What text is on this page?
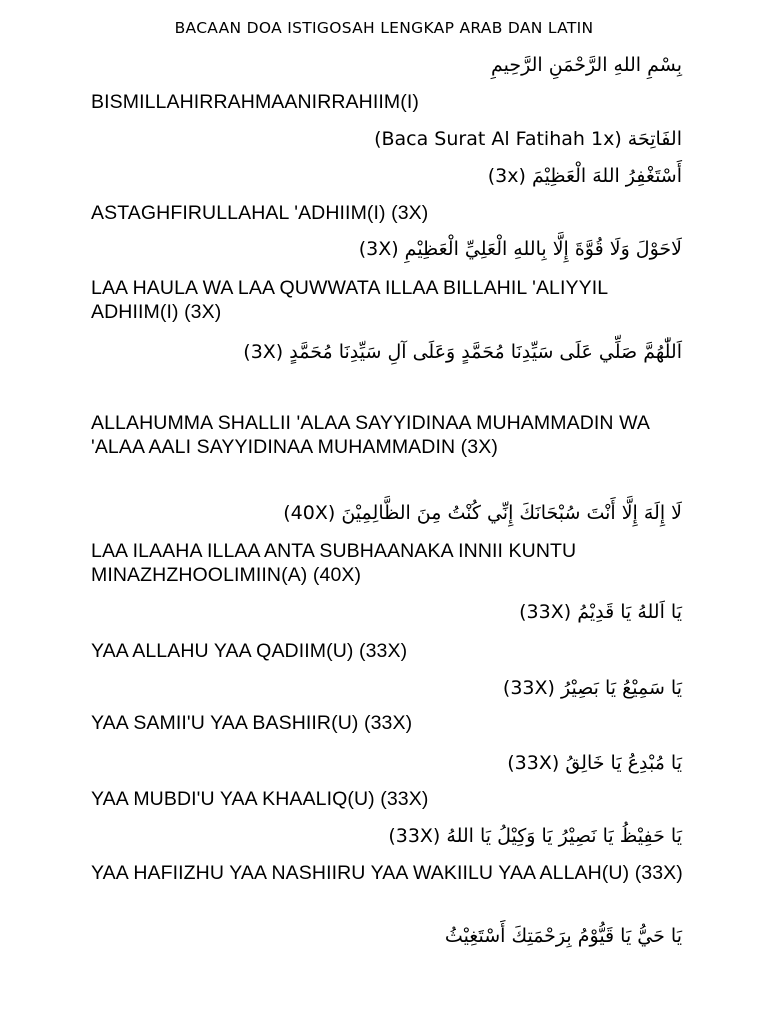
BACAAN DOA ISTIGOSAH LENGKAP ARAB DAN LATIN
بِسْمِ اللهِ الرَّحْمَنِ الرَّحِيمِ
BISMILLAHIRRAHMAANIRRAHIIM(I)
الفَاتِحَة (Baca Surat Al Fatihah 1x)
أَسْتَغْفِرُ اللهَ الْعَظِيْمَ (3x)
ASTAGHFIRULLAHAL 'ADHIIM(I) (3X)
لَاحَوْلَ وَلَا قُوَّةَ إِلَّا بِاللهِ الْعَلِيِّ الْعَظِيْمِ (3X)
LAA HAULA WA LAA QUWWATA ILLAA BILLAHIL 'ALIYYIL ADHIIM(I) (3X)
اَللّٰهُمَّ صَلِّي عَلَى سَيِّدِنَا مُحَمَّدٍ وَعَلَى آلِ سَيِّدِنَا مُحَمَّدٍ (3X)
ALLAHUMMA SHALLII 'ALAA SAYYIDINAA MUHAMMADIN WA 'ALAA AALI SAYYIDINAA MUHAMMADIN (3X)
لَا إِلَهَ إِلَّا أَنْتَ سُبْحَانَكَ إِنِّي كُنْتُ مِنَ الظَّالِمِيْنَ (40X)
LAA ILAAHA ILLAA ANTA SUBHAANAKA INNII KUNTU MINAZHZHOOLIMIIN(A) (40X)
يَا اَللهُ يَا قَدِيْمُ (33X)
YAA ALLAHU YAA QADIIM(U) (33X)
يَا سَمِيْعُ يَا بَصِيْرُ (33X)
YAA SAMII'U YAA BASHIIR(U) (33X)
يَا مُبْدِعُ يَا خَالِقُ (33X)
YAA MUBDI'U YAA KHAALIQ(U) (33X)
يَا حَفِيْظُ يَا نَصِيْرُ يَا وَكِيْلُ يَا اللهُ (33X)
YAA HAFIIZHU YAA NASHIIRU YAA WAKIILU YAA ALLAH(U) (33X)
يَا حَيُّ يَا قَيُّوْمُ بِرَحْمَتِكَ أَسْتَغِيْثُ
